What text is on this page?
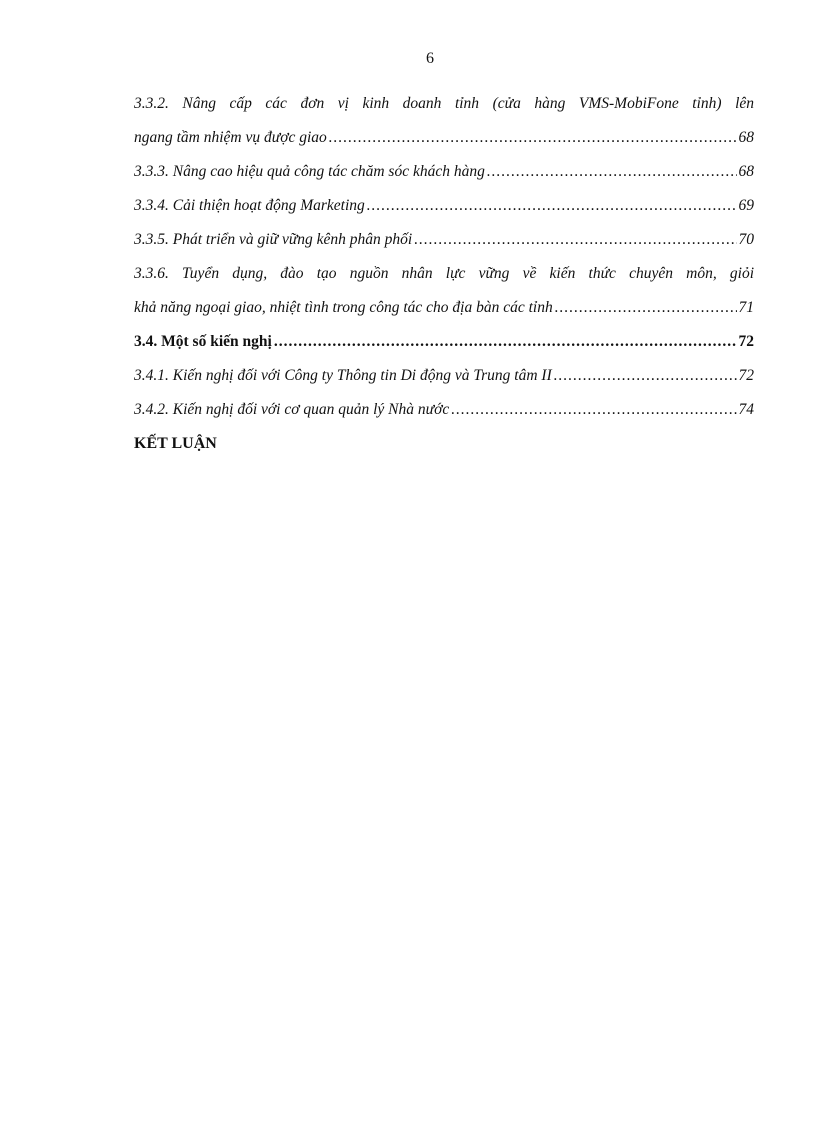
6
3.3.2. Nâng cấp các đơn vị kinh doanh tỉnh (cửa hàng VMS-MobiFone tỉnh) lên
ngang tầm nhiệm vụ được giao .....	68
3.3.3. Nâng cao hiệu quả công tác chăm sóc khách hàng .....	68
3.3.4. Cải thiện hoạt động Marketing .....	69
3.3.5. Phát triển và giữ vững kênh phân phối .....	70
3.3.6. Tuyển dụng, đào tạo nguồn nhân lực vững về kiến thức chuyên môn, giỏi
khả năng ngoại giao, nhiệt tình trong công tác cho địa bàn các tỉnh .....	71
3.4. Một số kiến nghị .....	72
3.4.1. Kiến nghị đối với Công ty Thông tin Di động và Trung tâm II .....	72
3.4.2. Kiến nghị đối với cơ quan quản lý Nhà nước .....	74
KẾT LUẬN
